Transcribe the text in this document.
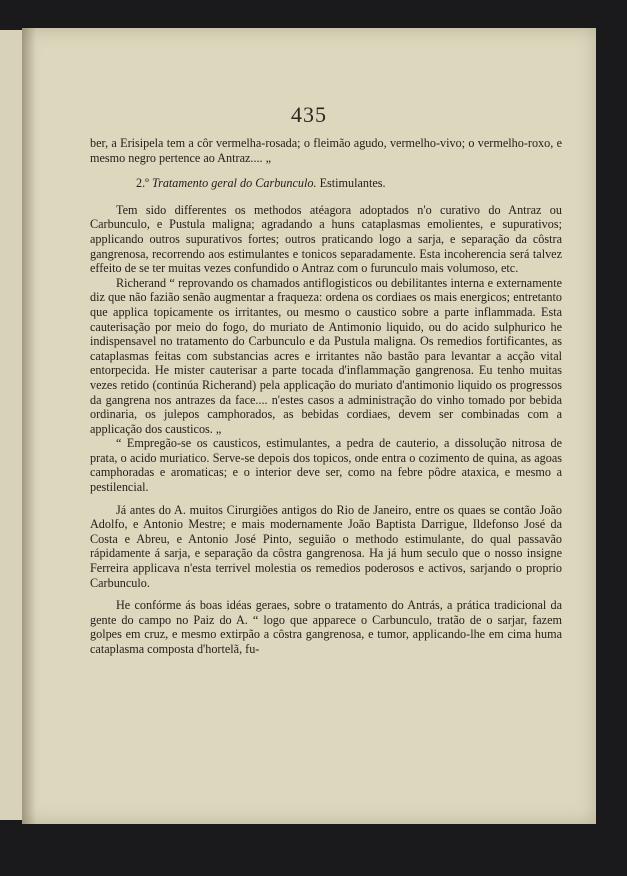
435

ber, a Erisipela tem a côr vermelha-rosada; o fleimão agudo, vermelho-vivo; o vermelho-roxo, e mesmo negro pertence ao Antraz.... „

2.º Tratamento geral do Carbunculo. Estimulantes.

Tem sido differentes os methodos atéagora adoptados n'o curativo do Antraz ou Carbunculo, e Pustula maligna; agradando a huns cataplasmas emolientes, e supurativos; applicando outros supurativos fortes; outros praticando logo a sarja, e separação da côstra gangrenosa, recorrendo aos estimulantes e tonicos separadamente. Esta incoherencia será talvez effeito de se ter muitas vezes confundido o Antraz com o furunculo mais volumoso, etc.

Richerand “ reprovando os chamados antiflogisticos ou debilitantes interna e externamente diz que não fazião senão augmentar a fraqueza: ordena os cordiaes os mais energicos; entretanto que applica topicamente os irritantes, ou mesmo o caustico sobre a parte inflammada. Esta cauterisação por meio do fogo, do muriato de Antimonio liquido, ou do acido sulphurico he indispensavel no tratamento do Carbunculo e da Pustula maligna. Os remedios fortificantes, as cataplasmas feitas com substancias acres e irritantes não bastão para levantar a acção vital entorpecida. He mister cauterisar a parte tocada d'inflammação gangrenosa. Eu tenho muitas vezes retido (continúa Richerand) pela applicação do muriato d'antimonio liquido os progressos da gangrena nos antrazes da face.... n'estes casos a administração do vinho tomado por bebida ordinaria, os julepos camphorados, as bebidas cordiaes, devem ser combinadas com a applicação dos causticos. „

“ Empregão-se os causticos, estimulantes, a pedra de cauterio, a dissolução nitrosa de prata, o acido muriatico. Serve-se depois dos topicos, onde entra o cozimento de quina, as agoas camphoradas e aromaticas; e o interior deve ser, como na febre pôdre ataxica, e mesmo a pestilencial.

Já antes do A. muitos Cirurgiões antigos do Rio de Janeiro, entre os quaes se contão João Adolfo, e Antonio Mestre; e mais modernamente João Baptista Darrigue, Ildefonso José da Costa e Abreu, e Antonio José Pinto, seguião o methodo estimulante, do qual passavão rápidamente á sarja, e separação da côstra gangrenosa. Ha já hum seculo que o nosso insigne Ferreira applicava n'esta terrivel molestia os remedios poderosos e activos, sarjando o proprio Carbunculo.

He confórme ás boas idéas geraes, sobre o tratamento do Antrás, a prática tradicional da gente do campo no Paiz do A. “ logo que apparece o Carbunculo, tratão de o sarjar, fazem golpes em cruz, e mesmo extirpão a côstra gangrenosa, e tumor, applicando-lhe em cima huma cataplasma composta d'hortelã, fu-
